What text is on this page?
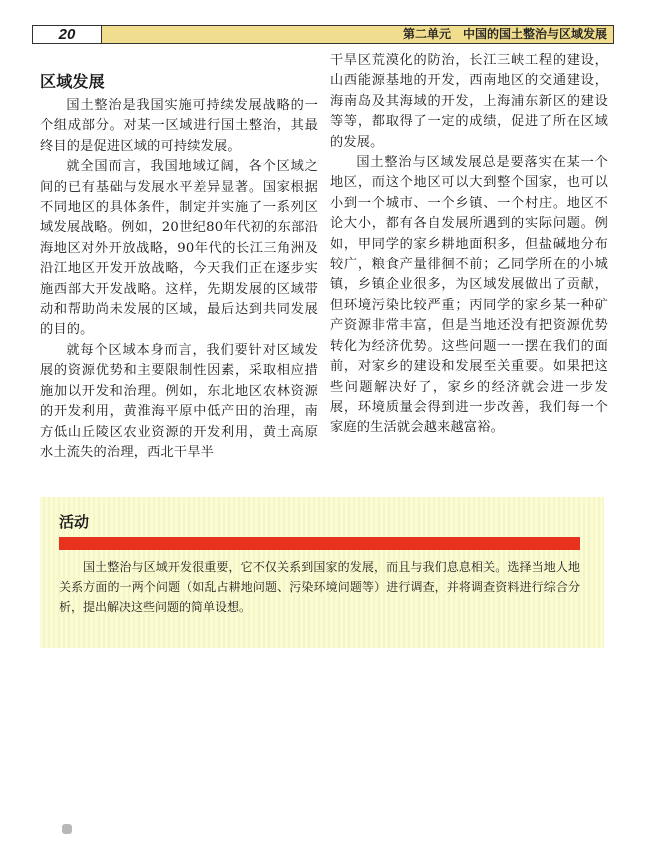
20	第二单元　中国的国土整治与区域发展
区域发展

国土整治是我国实施可持续发展战略的一个组成部分。对某一区域进行国土整治，其最终目的是促进区域的可持续发展。

就全国而言，我国地域辽阔，各个区域之间的已有基础与发展水平差异显著。国家根据不同地区的具体条件，制定并实施了一系列区域发展战略。例如，20世纪80年代初的东部沿海地区对外开放战略，90年代的长江三角洲及沿江地区开发开放战略，今天我们正在逐步实施西部大开发战略。这样，先期发展的区域带动和帮助尚未发展的区域，最后达到共同发展的目的。

就每个区域本身而言，我们要针对区域发展的资源优势和主要限制性因素，采取相应措施加以开发和治理。例如，东北地区农林资源的开发利用，黄淮海平原中低产田的治理，南方低山丘陵区农业资源的开发利用，黄土高原水土流失的治理，西北干旱半

干旱区荒漠化的防治，长江三峡工程的建设，山西能源基地的开发，西南地区的交通建设，海南岛及其海域的开发，上海浦东新区的建设等等，都取得了一定的成绩，促进了所在区域的发展。

国土整治与区域发展总是要落实在某一个地区，而这个地区可以大到整个国家，也可以小到一个城市、一个乡镇、一个村庄。地区不论大小，都有各自发展所遇到的实际问题。例如，甲同学的家乡耕地面积多，但盐碱地分布较广，粮食产量徘徊不前；乙同学所在的小城镇，乡镇企业很多，为区域发展做出了贡献，但环境污染比较严重；丙同学的家乡某一种矿产资源非常丰富，但是当地还没有把资源优势转化为经济优势。这些问题一一摆在我们的面前，对家乡的建设和发展至关重要。如果把这些问题解决好了，家乡的经济就会进一步发展，环境质量会得到进一步改善，我们每一个家庭的生活就会越来越富裕。

活动

国土整治与区域开发很重要，它不仅关系到国家的发展，而且与我们息息相关。选择当地人地关系方面的一两个问题（如乱占耕地问题、污染环境问题等）进行调查，并将调查资料进行综合分析，提出解决这些问题的简单设想。
